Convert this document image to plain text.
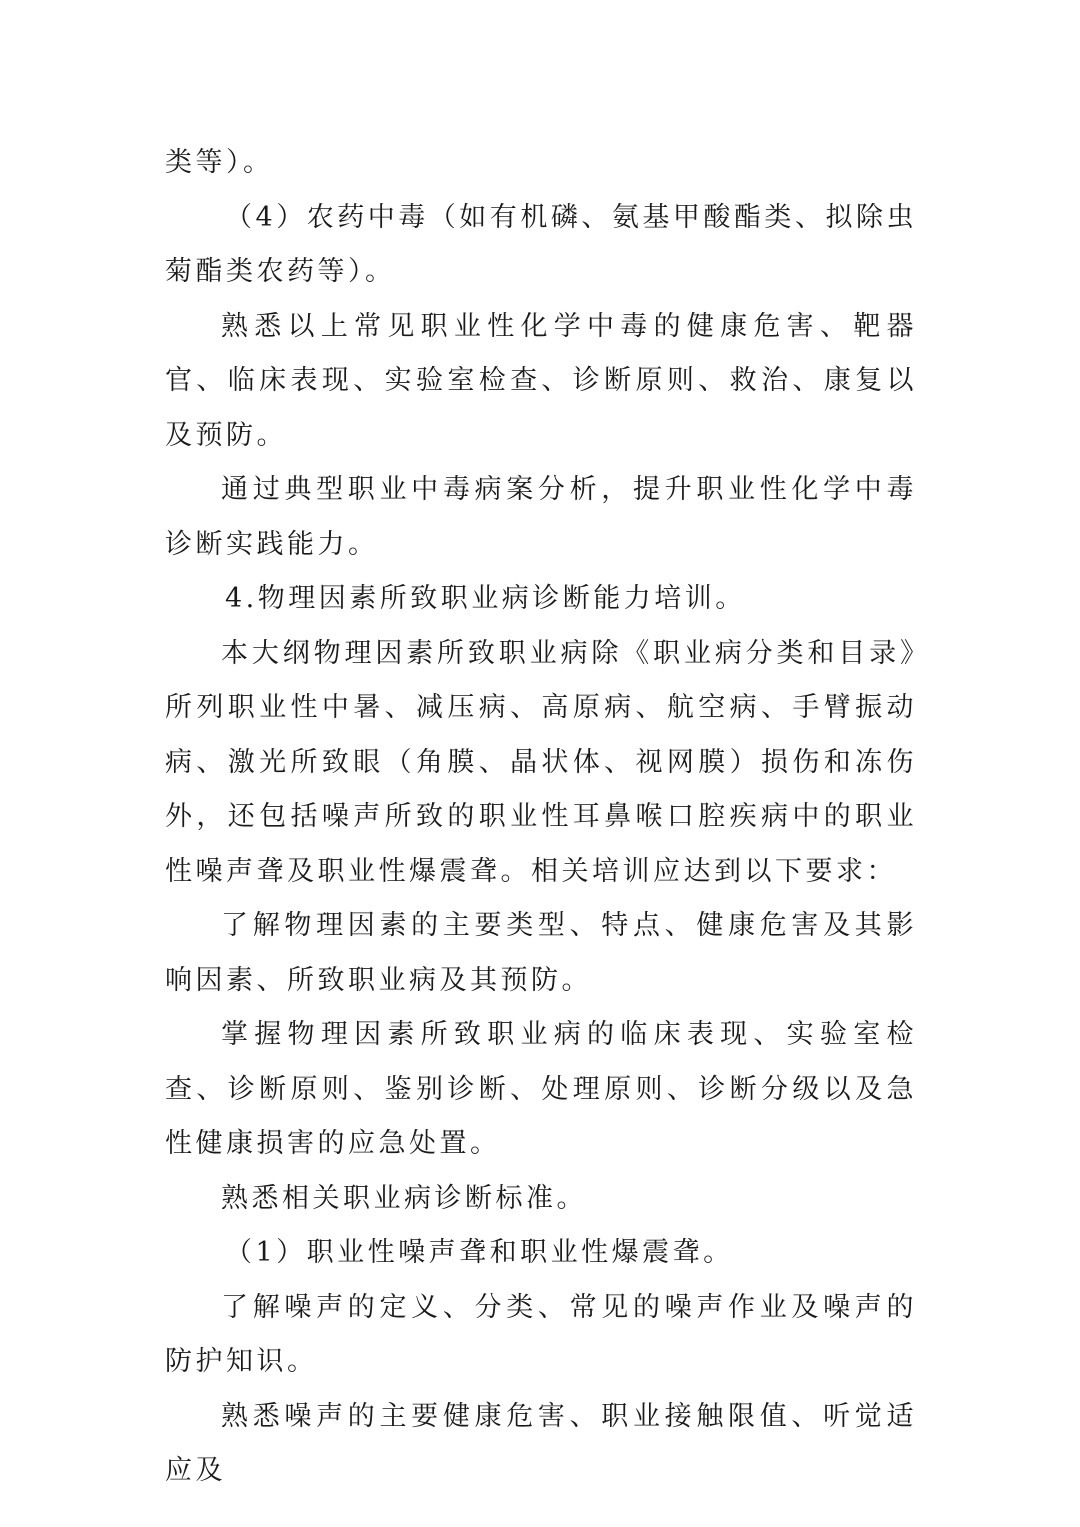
类等）。

（4）农药中毒（如有机磷、氨基甲酸酯类、拟除虫菊酯类农药等）。

熟悉以上常见职业性化学中毒的健康危害、靶器官、临床表现、实验室检查、诊断原则、救治、康复以及预防。

通过典型职业中毒病案分析，提升职业性化学中毒诊断实践能力。

4.物理因素所致职业病诊断能力培训。

本大纲物理因素所致职业病除《职业病分类和目录》所列职业性中暑、减压病、高原病、航空病、手臂振动病、激光所致眼（角膜、晶状体、视网膜）损伤和冻伤外，还包括噪声所致的职业性耳鼻喉口腔疾病中的职业性噪声聋及职业性爆震聋。相关培训应达到以下要求：

了解物理因素的主要类型、特点、健康危害及其影响因素、所致职业病及其预防。

掌握物理因素所致职业病的临床表现、实验室检查、诊断原则、鉴别诊断、处理原则、诊断分级以及急性健康损害的应急处置。

熟悉相关职业病诊断标准。

（1）职业性噪声聋和职业性爆震聋。

了解噪声的定义、分类、常见的噪声作业及噪声的防护知识。

熟悉噪声的主要健康危害、职业接触限值、听觉适应及
